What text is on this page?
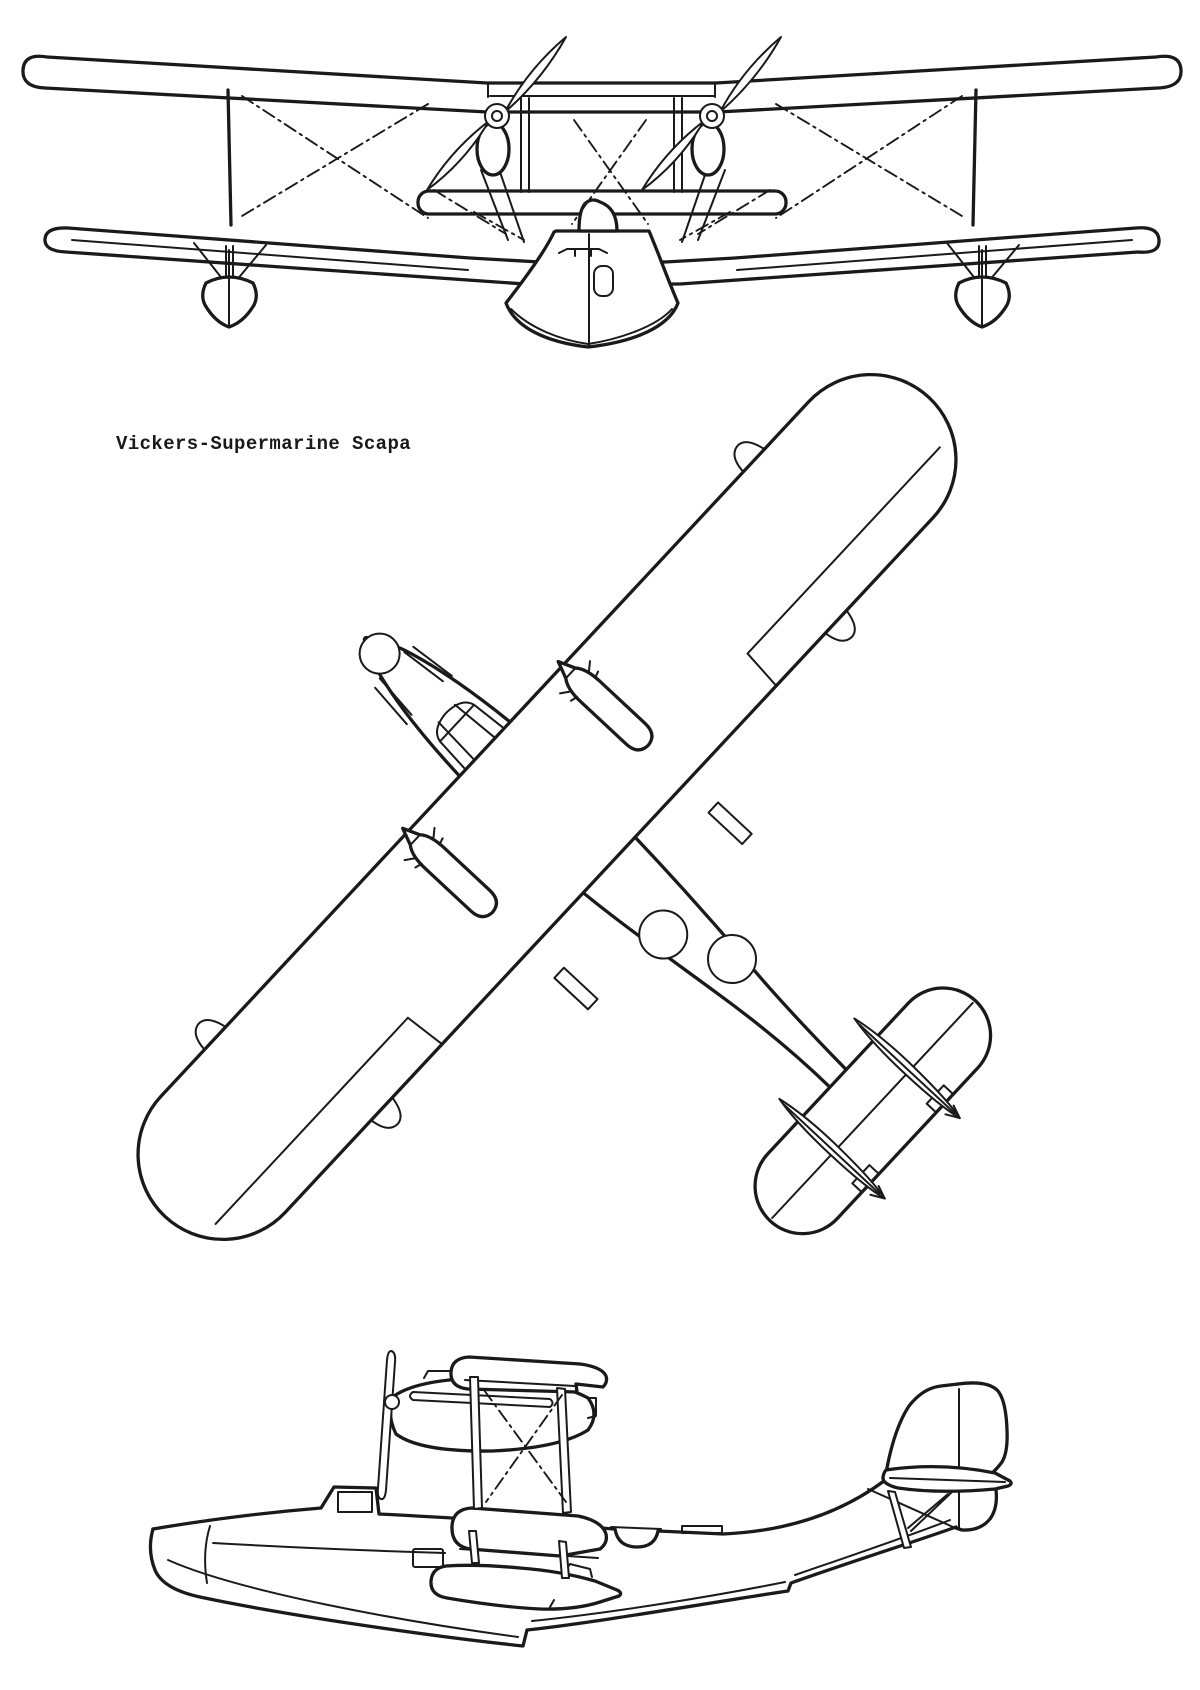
Vickers-Supermarine Scapa
